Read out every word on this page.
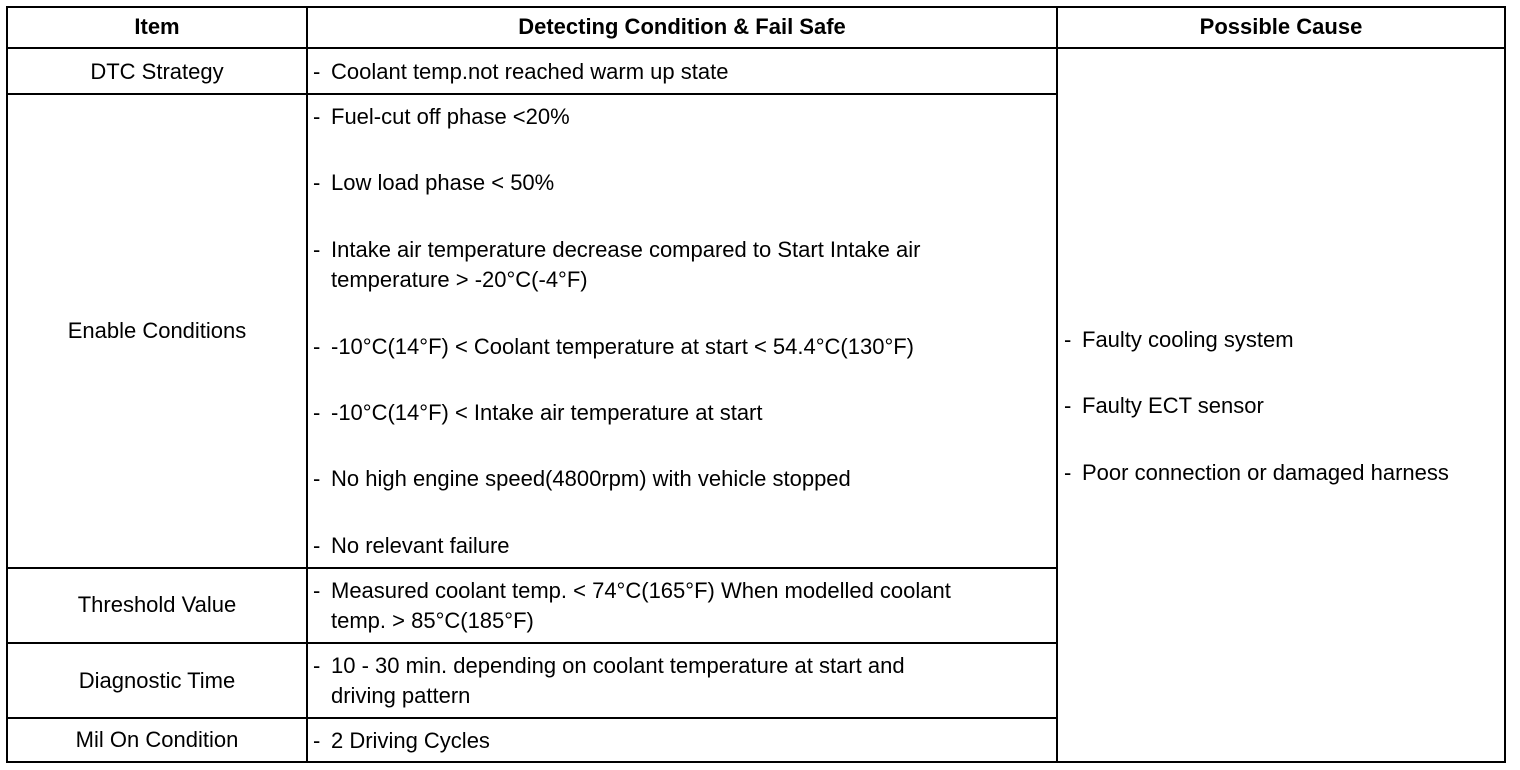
Item	Detecting Condition & Fail Safe	Possible Cause
DTC Strategy
Enable Conditions
Threshold Value
Diagnostic Time
Mil On Condition
- Coolant temp.not reached warm up state
- Fuel-cut off phase <20%
- Low load phase < 50%
- Intake air temperature decrease compared to Start Intake air
temperature > -20°C(-4°F)
- -10°C(14°F) < Coolant temperature at start < 54.4°C(130°F)
- -10°C(14°F) < Intake air temperature at start
- No high engine speed(4800rpm) with vehicle stopped
- No relevant failure
- Measured coolant temp. < 74°C(165°F) When modelled coolant
temp. > 85°C(185°F)
- 10 - 30 min. depending on coolant temperature at start and
driving pattern
- 2 Driving Cycles
- Faulty cooling system
- Faulty ECT sensor
- Poor connection or damaged harness
